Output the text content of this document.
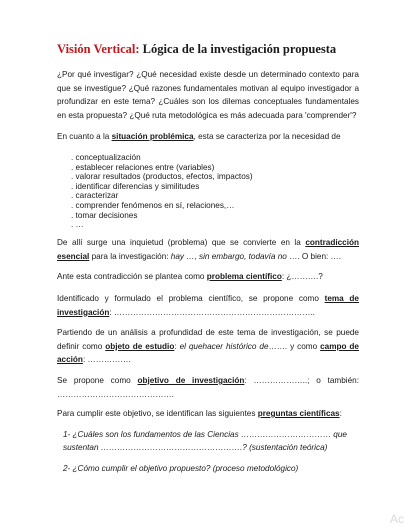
Visión Vertical: Lógica de la investigación propuesta
¿Por qué investigar? ¿Qué necesidad existe desde un determinado contexto para que se investigue? ¿Qué razones fundamentales motivan al equipo investigador a profundizar en este tema? ¿Cuáles son los dilemas conceptuales fundamentales en esta propuesta? ¿Qué ruta metodológica es más adecuada para 'comprender'?
En cuanto a la situación problémica, esta se caracteriza por la necesidad de
. conceptualización
. establecer relaciones entre (variables)
. valorar resultados (productos, efectos, impactos)
. identificar diferencias y similitudes
. caracterizar
. comprender fenómenos en sí, relaciones,…
. tomar decisiones
. …
De allí surge una inquietud (problema) que se convierte en la contradicción esencial para la investigación: hay …, sin embargo, todavía no …. O bien: ….
Ante esta contradicción se plantea como problema científico: ¿……….?
Identificado y formulado el problema científico, se propone como tema de investigación: ………………………………………………………………..
Partiendo de un análisis a profundidad de este tema de investigación, se puede definir como objeto de estudio: el quehacer histórico de……. y como campo de acción: …………….
Se propone como objetivo de investigación: ………………..; o también: …………………………………….
Para cumplir este objetivo, se identifican las siguientes preguntas científicas:
1- ¿Cuáles son los fundamentos de las Ciencias …………………………… que sustentan …………………………………………….? (sustentación teórica)
2- ¿Cómo cumplir el objetivo propuesto? (proceso metodológico)
Ac
